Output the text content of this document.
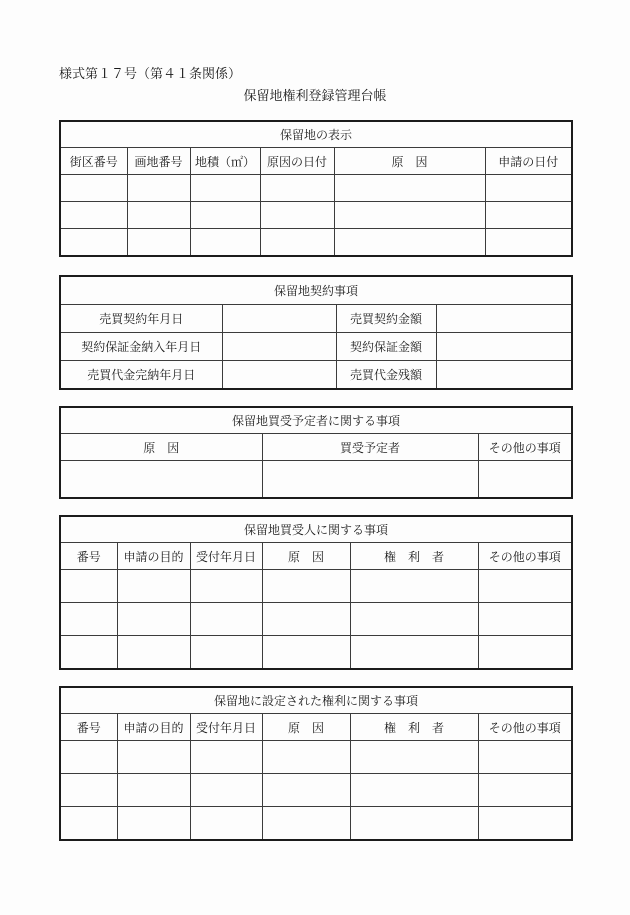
様式第１７号（第４１条関係）
保留地権利登録管理台帳
保留地の表示					
街区番号	画地番号	地積（㎡）	原因の日付	原　因	申請の日付

保留地契約事項			
売買契約年月日		売買契約金額	
契約保証金納入年月日		契約保証金額	
売買代金完納年月日		売買代金残額	
保留地買受予定者に関する事項		
原　因	買受予定者	その他の事項

保留地買受人に関する事項					
番号	申請の目的	受付年月日	原　因	権　利　者	その他の事項

保留地に設定された権利に関する事項					
番号	申請の目的	受付年月日	原　因	権　利　者	その他の事項
